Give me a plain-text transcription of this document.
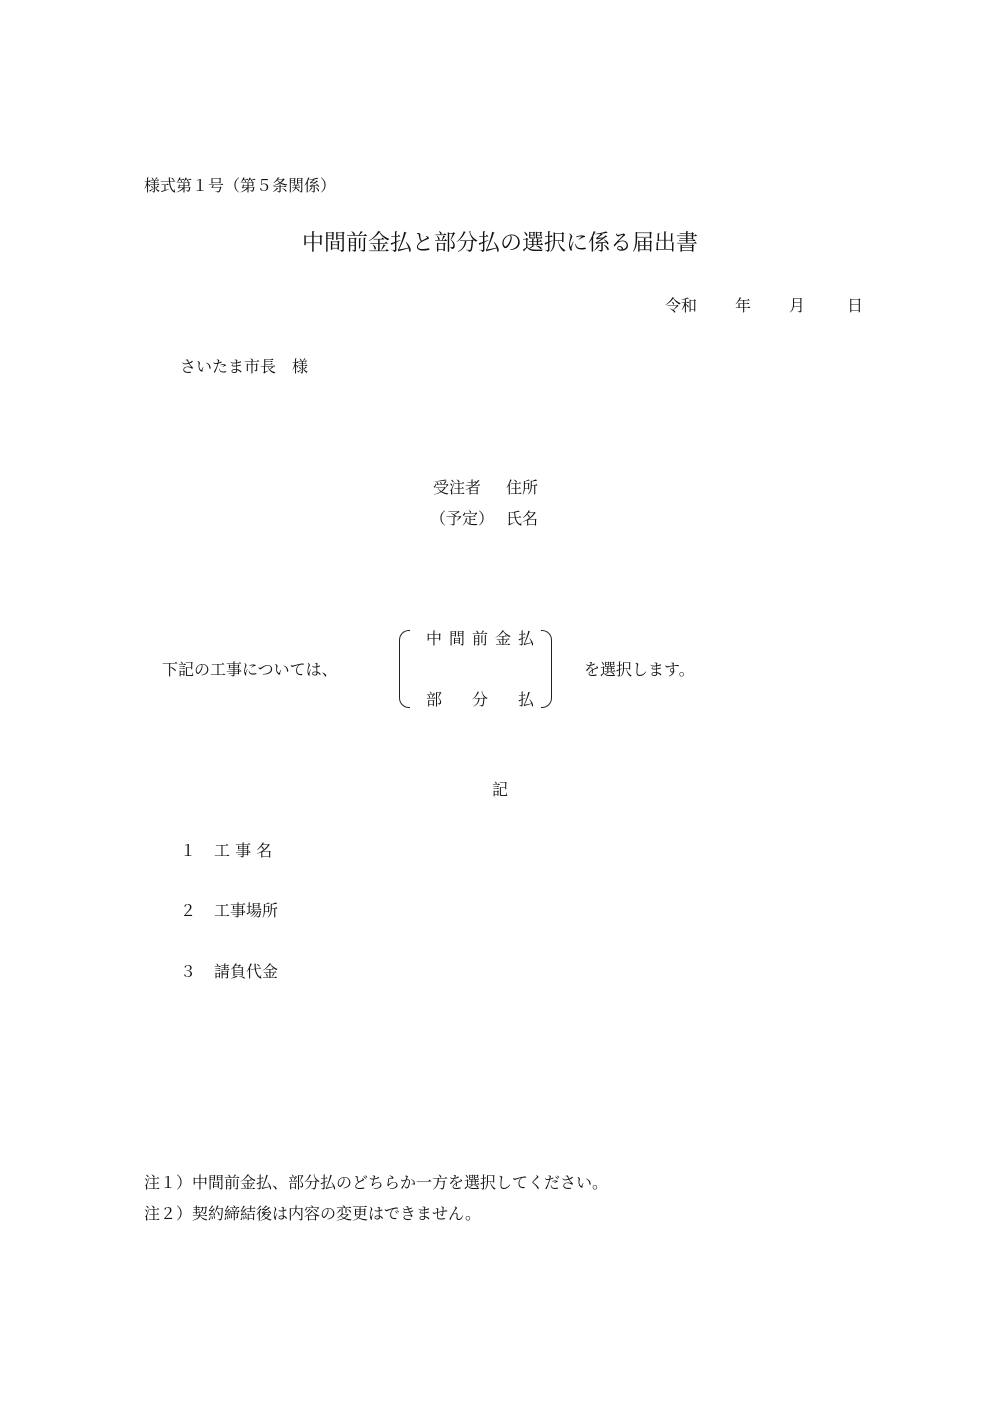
様式第１号（第５条関係）
中間前金払と部分払の選択に係る届出書
令和	年	月	日
さいたま市長　様
受注者 住所
（予定） 氏名
下記の工事については、
中間前金払
部 分 払
を選択します。
記
１ 工 事 名
２ 工事場所
３ 請負代金
注１）中間前金払、部分払のどちらか一方を選択してください。
注２）契約締結後は内容の変更はできません。
